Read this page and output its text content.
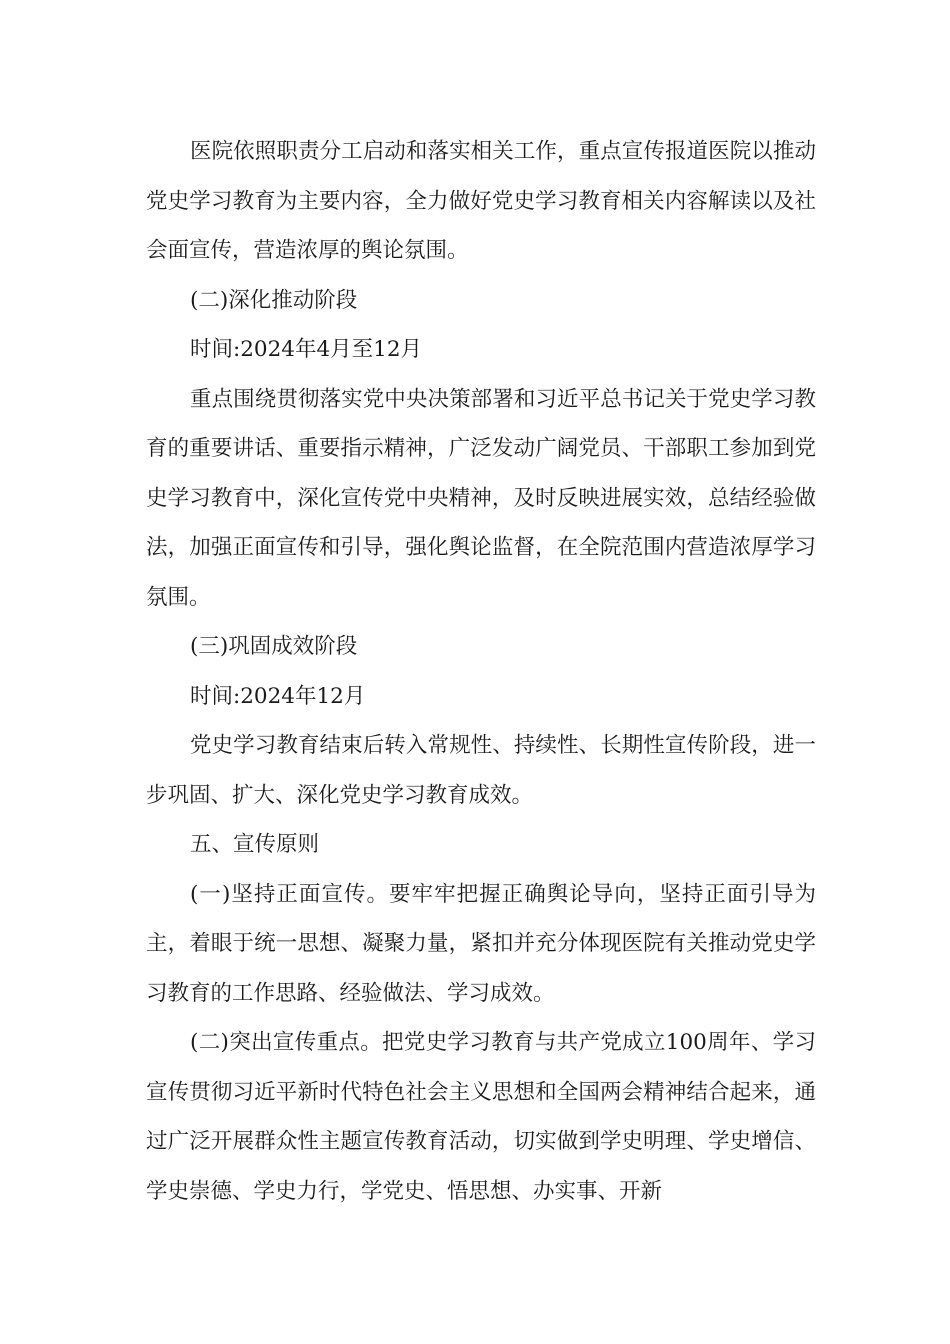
医院依照职责分工启动和落实相关工作，重点宣传报道医院以推动党史学习教育为主要内容，全力做好党史学习教育相关内容解读以及社会面宣传，营造浓厚的舆论氛围。

(二)深化推动阶段

时间:2024年4月至12月

重点围绕贯彻落实党中央决策部署和习近平总书记关于党史学习教育的重要讲话、重要指示精神，广泛发动广阔党员、干部职工参加到党史学习教育中，深化宣传党中央精神，及时反映进展实效，总结经验做法，加强正面宣传和引导，强化舆论监督，在全院范围内营造浓厚学习氛围。

(三)巩固成效阶段

时间:2024年12月

党史学习教育结束后转入常规性、持续性、长期性宣传阶段，进一步巩固、扩大、深化党史学习教育成效。

五、宣传原则

(一)坚持正面宣传。要牢牢把握正确舆论导向，坚持正面引导为主，着眼于统一思想、凝聚力量，紧扣并充分体现医院有关推动党史学习教育的工作思路、经验做法、学习成效。

(二)突出宣传重点。把党史学习教育与共产党成立100周年、学习宣传贯彻习近平新时代特色社会主义思想和全国两会精神结合起来，通过广泛开展群众性主题宣传教育活动，切实做到学史明理、学史增信、学史崇德、学史力行，学党史、悟思想、办实事、开新
